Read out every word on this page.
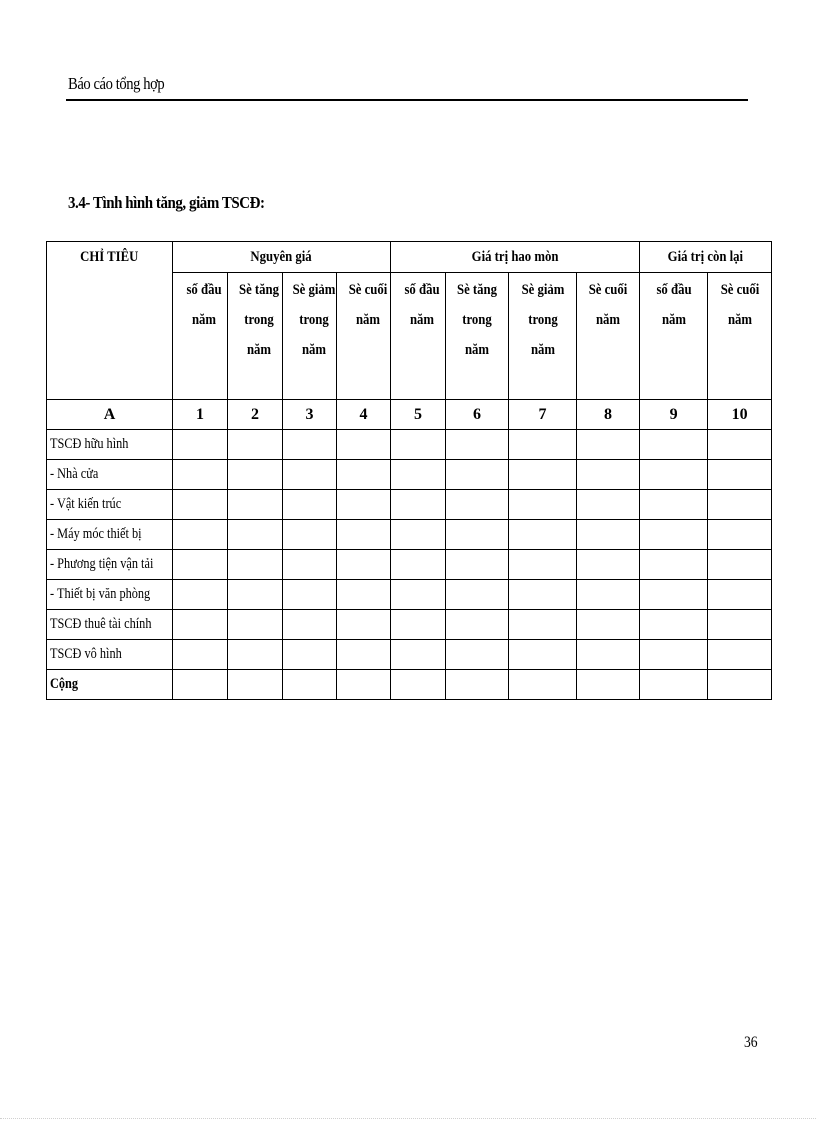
Báo cáo tổng hợp
3.4- Tình hình tăng, giảm TSCĐ:
CHỈ TIÊU	Nguyên giá				Giá trị hao mòn				Giá trị còn lại	
	số đầu năm	Sè tăng trong năm	Sè giảm trong năm	Sè cuối năm	số đầu năm	Sè tăng trong năm	Sè giảm trong năm	Sè cuối năm	số đầu năm	Sè cuối năm
A	1	2	3	4	5	6	7	8	9	10
TSCĐ hữu hình										
- Nhà cửa										
- Vật kiến trúc										
- Máy móc thiết bị										
- Phương tiện vận tải										
- Thiết bị văn phòng										
TSCĐ thuê tài chính										
TSCĐ vô hình										
Cộng										
36
